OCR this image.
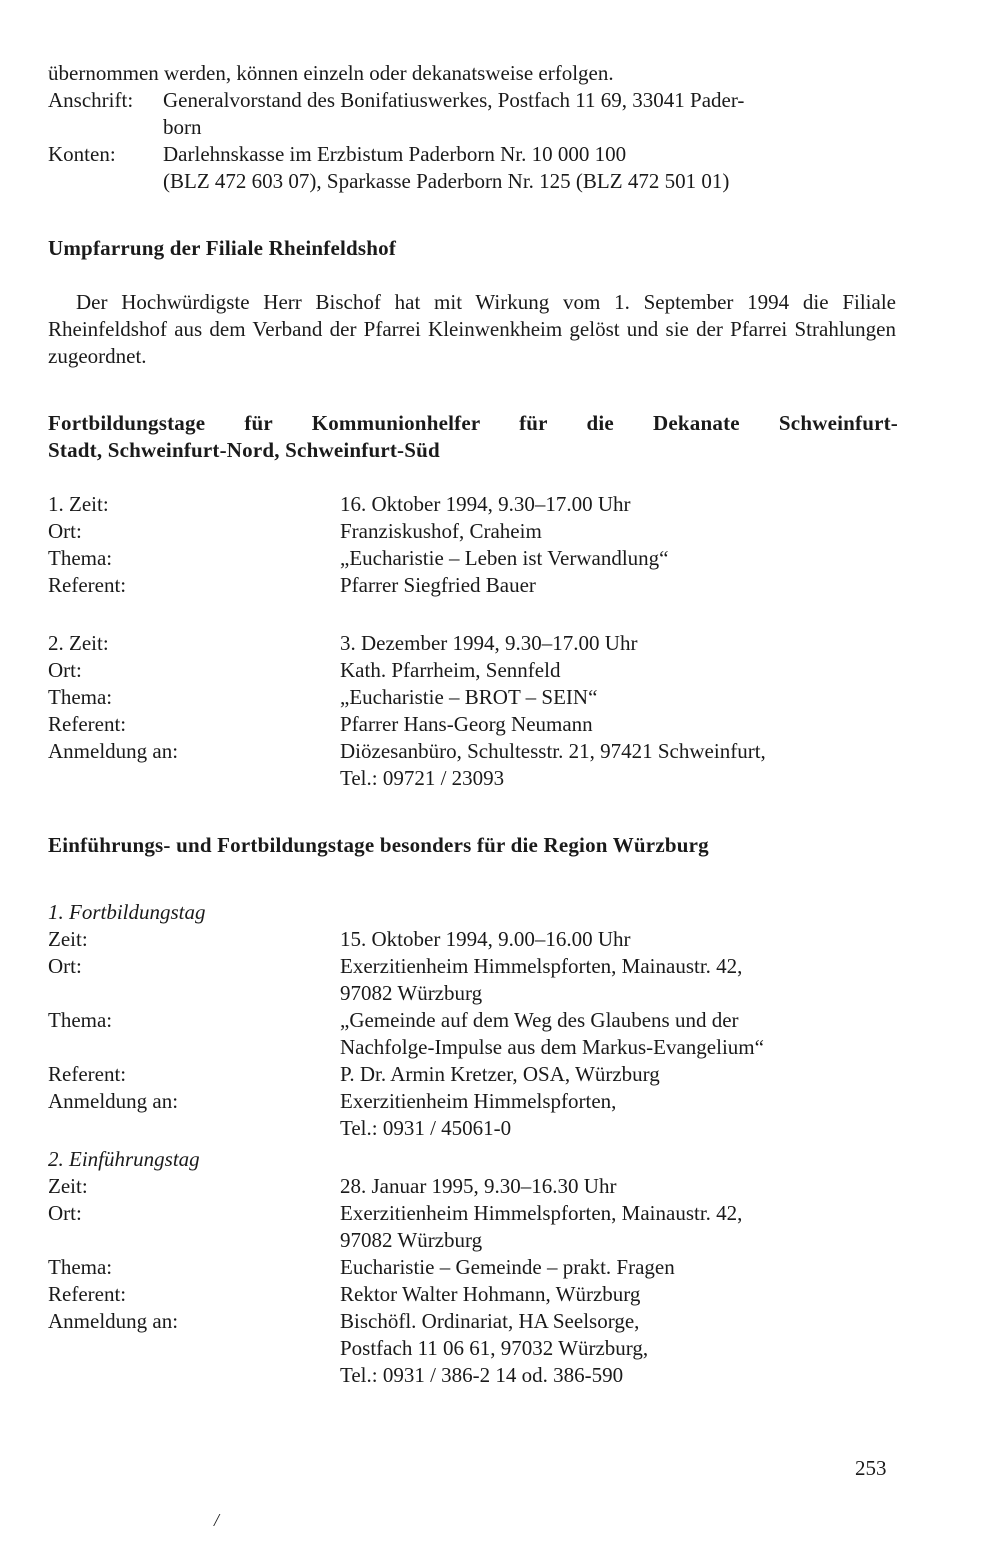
übernommen werden, können einzeln oder dekanatsweise erfolgen.
Anschrift:	Generalvorstand des Bonifatiuswerkes, Postfach 11 69, 33041 Pader-
born
Konten:	Darlehnskasse im Erzbistum Paderborn Nr. 10 000 100
(BLZ 472 603 07), Sparkasse Paderborn Nr. 125 (BLZ 472 501 01)
Umpfarrung der Filiale Rheinfeldshof
Der Hochwürdigste Herr Bischof hat mit Wirkung vom 1. September 1994 die Filiale Rheinfeldshof aus dem Verband der Pfarrei Kleinwenkheim gelöst und sie der Pfarrei Strahlungen zugeordnet.
Fortbildungstage für Kommunionhelfer für die Dekanate Schweinfurt-
Stadt, Schweinfurt-Nord, Schweinfurt-Süd
1. Zeit:	16. Oktober 1994, 9.30–17.00 Uhr
Ort:	Franziskushof, Craheim
Thema:	„Eucharistie – Leben ist Verwandlung“
Referent:	Pfarrer Siegfried Bauer
2. Zeit:	3. Dezember 1994, 9.30–17.00 Uhr
Ort:	Kath. Pfarrheim, Sennfeld
Thema:	„Eucharistie – BROT – SEIN“
Referent:	Pfarrer Hans-Georg Neumann
Anmeldung an:	Diözesanbüro, Schultesstr. 21, 97421 Schweinfurt,
Tel.: 09721 / 23093
Einführungs- und Fortbildungstage besonders für die Region Würzburg
1. Fortbildungstag
Zeit:	15. Oktober 1994, 9.00–16.00 Uhr
Ort:	Exerzitienheim Himmelspforten, Mainaustr. 42,
97082 Würzburg
Thema:	„Gemeinde auf dem Weg des Glaubens und der
Nachfolge-Impulse aus dem Markus-Evangelium“
Referent:	P. Dr. Armin Kretzer, OSA, Würzburg
Anmeldung an:	Exerzitienheim Himmelspforten,
Tel.: 0931 / 45061-0
2. Einführungstag
Zeit:	28. Januar 1995, 9.30–16.30 Uhr
Ort:	Exerzitienheim Himmelspforten, Mainaustr. 42,
97082 Würzburg
Thema:	Eucharistie – Gemeinde – prakt. Fragen
Referent:	Rektor Walter Hohmann, Würzburg
Anmeldung an:	Bischöfl. Ordinariat, HA Seelsorge,
Postfach 11 06 61, 97032 Würzburg,
Tel.: 0931 / 386-2 14 od. 386-590
253
/
